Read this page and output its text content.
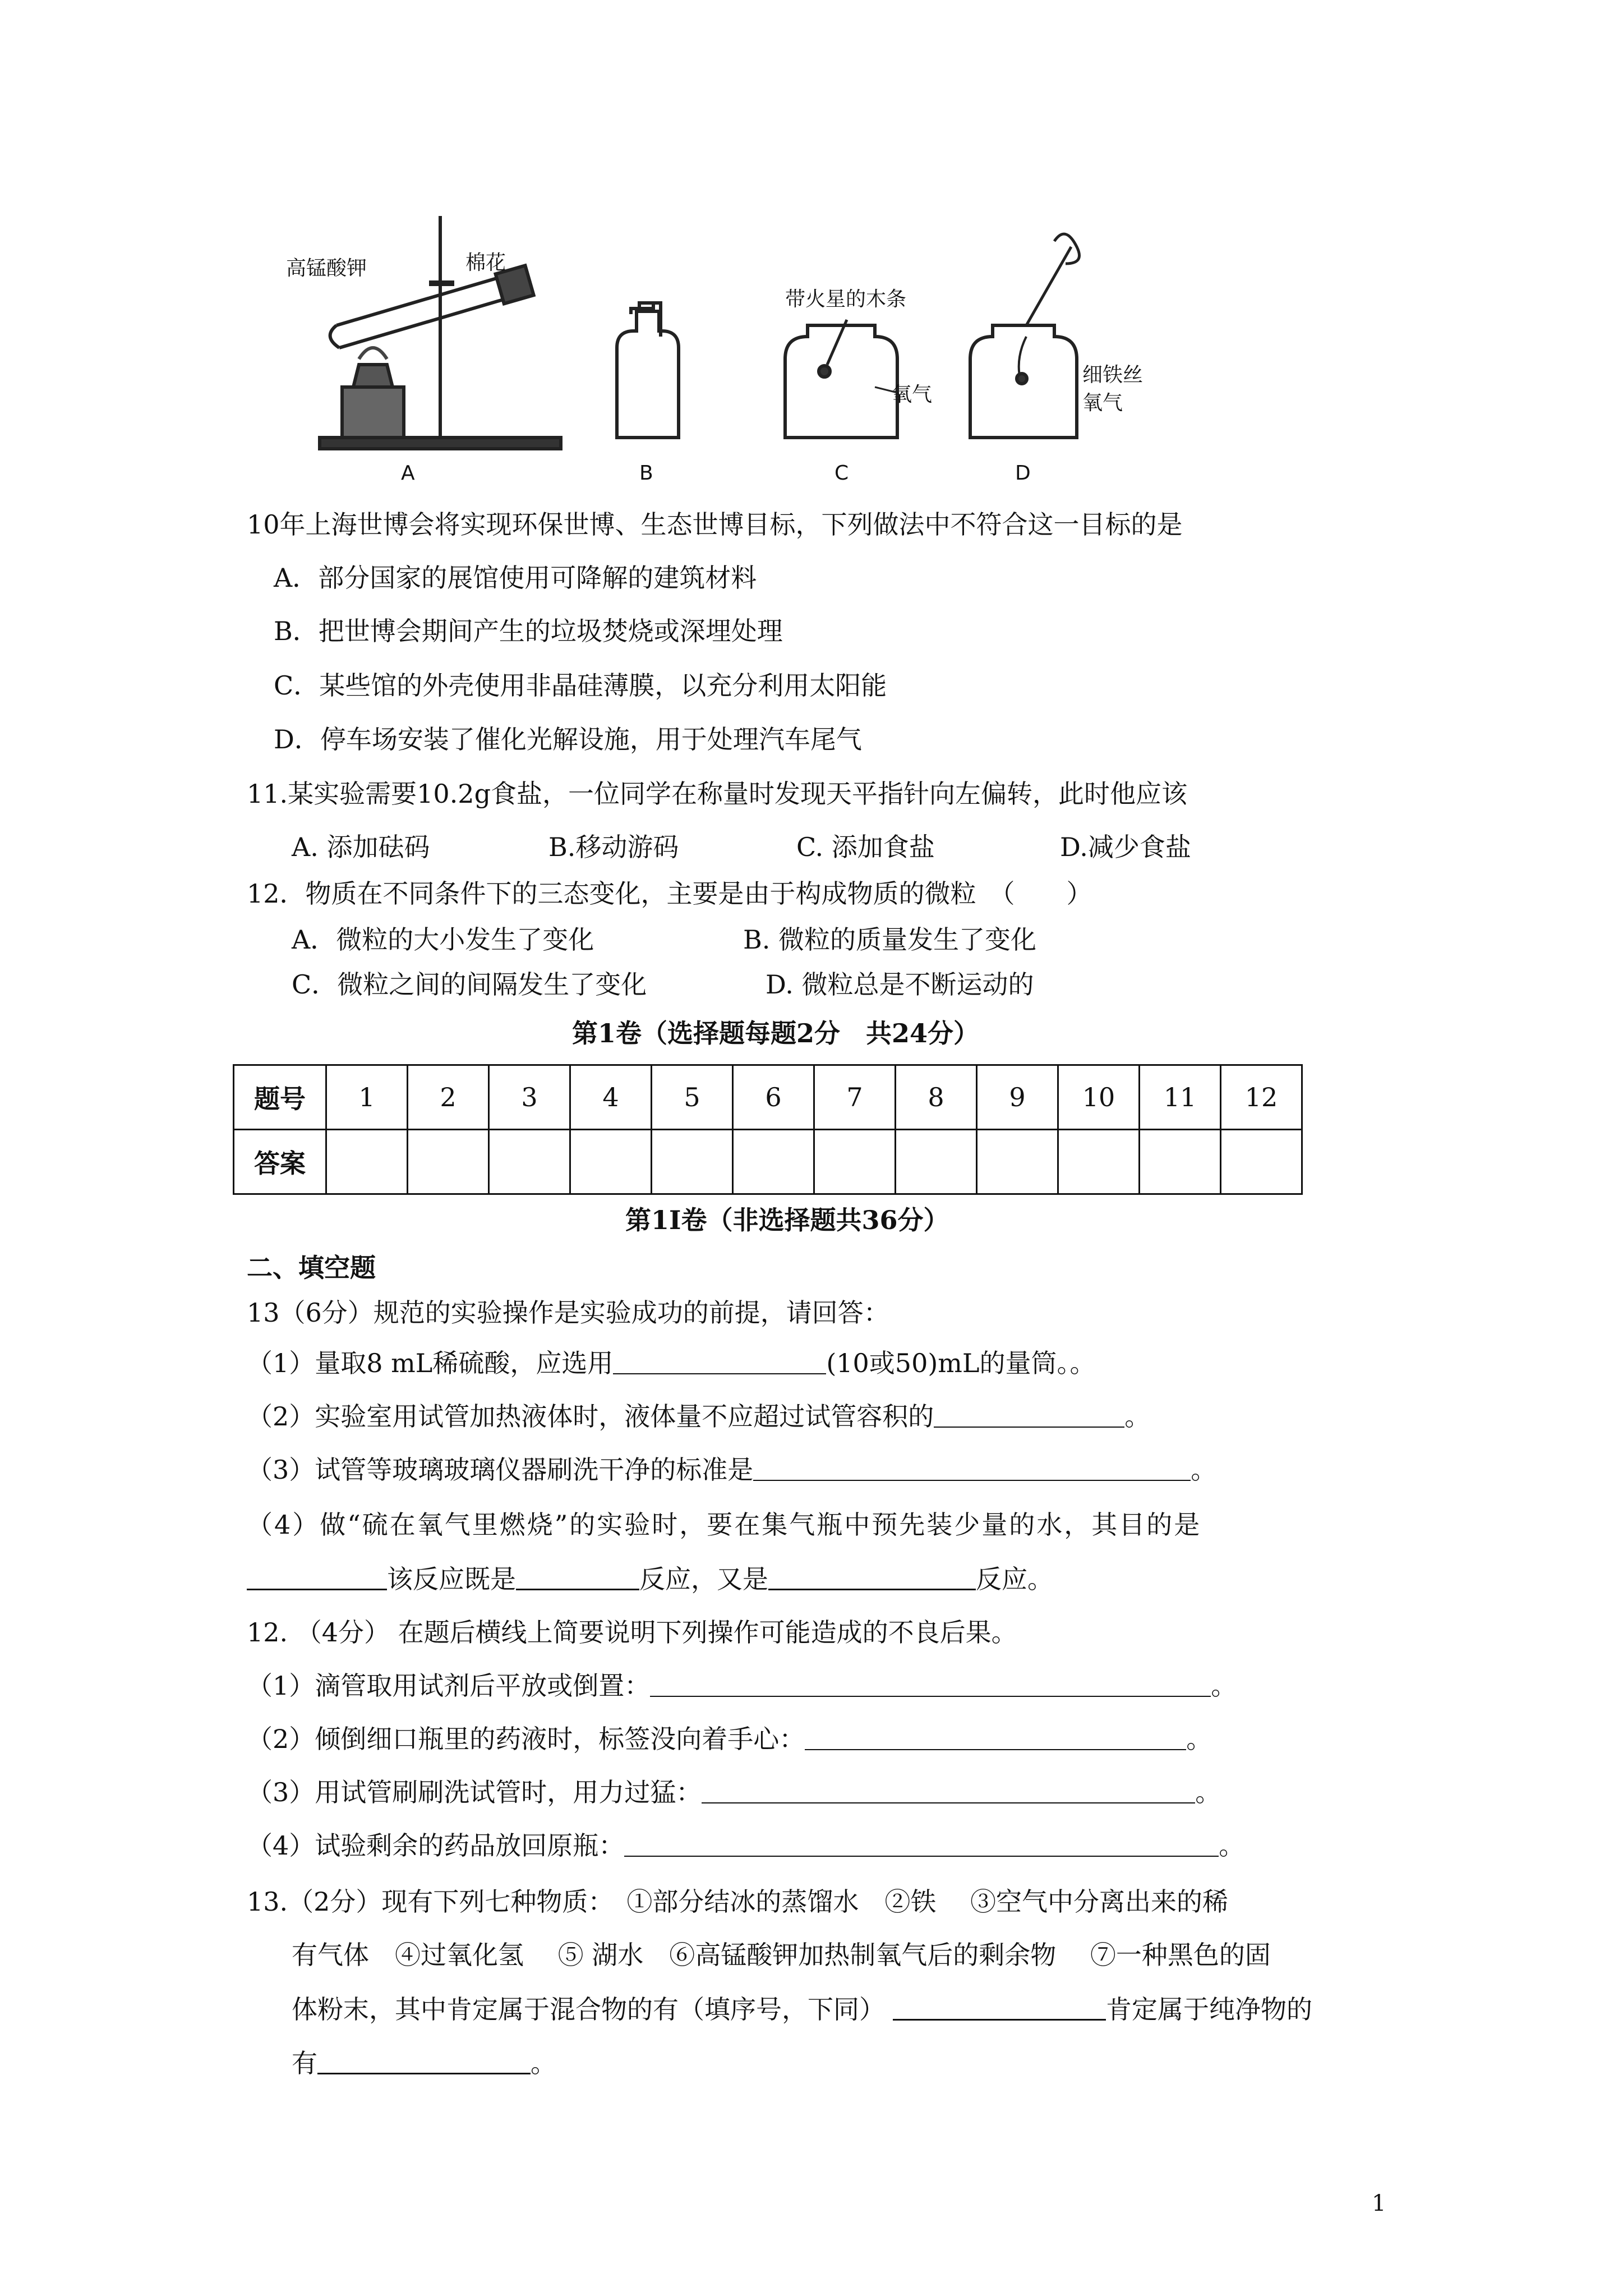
高锰酸钾	棉花
A	B
带火星的木条
氧气
C
细铁丝
氧气
D
10年上海世博会将实现环保世博、生态世博目标，下列做法中不符合这一目标的是
A．部分国家的展馆使用可降解的建筑材料
B．把世博会期间产生的垃圾焚烧或深埋处理
C．某些馆的外壳使用非晶硅薄膜，以充分利用太阳能
D．停车场安装了催化光解设施，用于处理汽车尾气
11.某实验需要10.2g食盐，一位同学在称量时发现天平指针向左偏转，此时他应该
A. 添加砝码	B.移动游码	C. 添加食盐	D.减少食盐
12．物质在不同条件下的三态变化，主要是由于构成物质的微粒　（　　）
A．微粒的大小发生了变化	B. 微粒的质量发生了变化
C．微粒之间的间隔发生了变化	D. 微粒总是不断运动的
第1卷（选择题每题2分　共24分）
题号	1	2	3	4	5	6	7	8	9	10	11	12
答案												
第1I卷（非选择题共36分）
二、填空题
13（6分）规范的实验操作是实验成功的前提，请回答：
（1）量取8 mL稀硫酸，应选用	(10或50)mL的量筒。。
（2）实验室用试管加热液体时，液体量不应超过试管容积的	。
（3）试管等玻璃玻璃仪器刷洗干净的标准是	。
（4）做“硫在氧气里燃烧”的实验时，要在集气瓶中预先装少量的水，其目的是
该反应既是	反应，又是	反应。
12. （4分） 在题后横线上简要说明下列操作可能造成的不良后果。
（1）滴管取用试剂后平放或倒置：	。
（2）倾倒细口瓶里的药液时，标签没向着手心：	。
（3）用试管刷刷洗试管时，用力过猛：	。
（4）试验剩余的药品放回原瓶：	。
13.（2分）现有下列七种物质：　①部分结冰的蒸馏水　②铁　 ③空气中分离出来的稀
有气体　④过氧化氢　 ⑤ 湖水　⑥高锰酸钾加热制氧气后的剩余物　 ⑦一种黑色的固
体粉末，其中肯定属于混合物的有（填序号，下同）	肯定属于纯净物的
有	。
1
